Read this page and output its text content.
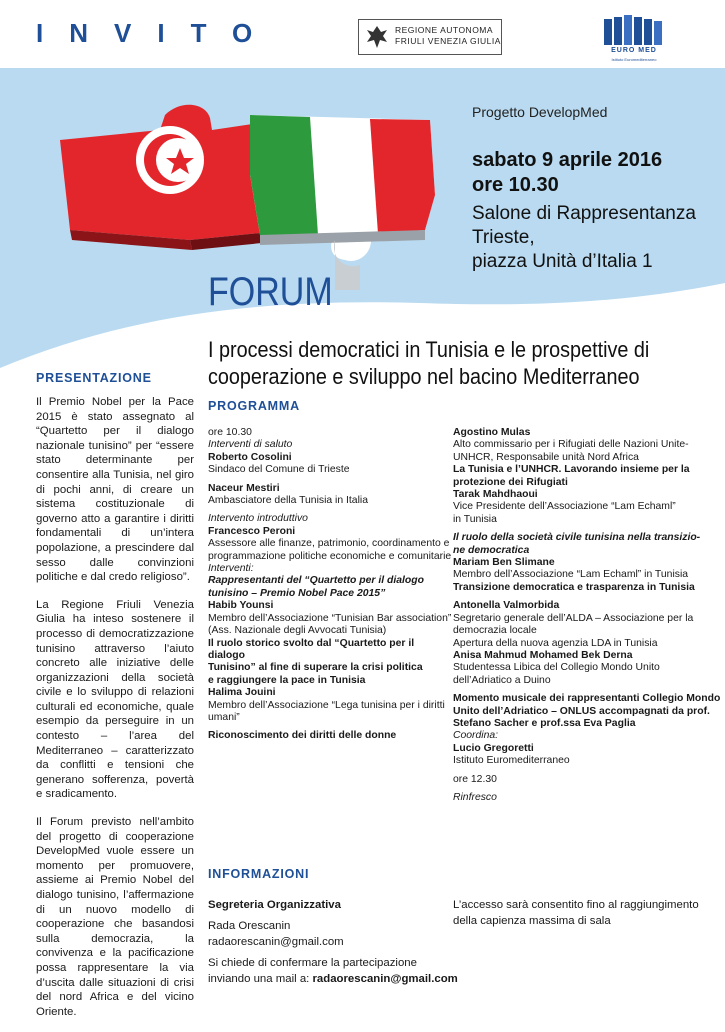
INVITO	REGIONE AUTONOMA
FRIULI VENEZIA GIULIA
EURO MED
Istituto Euromediterraneo
Progetto DevelopMed
sabato 9 aprile 2016
ore 10.30
Salone di Rappresentanza
Trieste,
piazza Unità d’Italia 1
FORUM
I processi democratici in Tunisia e le prospettive di
cooperazione e sviluppo nel bacino Mediterraneo
PRESENTAZIONE

Il Premio Nobel per la Pace 2015 è stato assegnato al “Quartetto per il dialogo nazionale tunisino” per “essere stato determinante per consentire alla Tunisia, nel giro di pochi anni, di creare un sistema costituzionale di governo atto a garantire i diritti fondamentali di un’intera popolazione, a prescindere dal sesso dalle convinzioni politiche e dal credo religioso”.

La Regione Friuli Venezia Giulia ha inteso sostenere il processo di democratizzazione tunisino attraverso l’aiuto concreto alle iniziative delle organizzazioni della società civile e lo sviluppo di relazioni culturali ed economiche, quale esempio da perseguire in un contesto – l’area del Mediterraneo – caratterizzato da conflitti e tensioni che generano sofferenza, povertà e sradicamento.

Il Forum previsto nell’ambito del progetto di cooperazione DevelopMed vuole essere un momento per promuovere, assieme ai Premio Nobel del dialogo tunisino, l’affermazione di un nuovo modello di cooperazione che basandosi sulla democrazia, la convivenza e la pacificazione possa rappresentare la via d’uscita dalle situazioni di crisi del nord Africa e del vicino Oriente.

PROGRAMMA
ore 10.30
Interventi di saluto
Roberto Cosolini
Sindaco del Comune di Trieste
Naceur Mestiri
Ambasciatore della Tunisia in Italia
Intervento introduttivo
Francesco Peroni
Assessore alle finanze, patrimonio, coordinamento e
programmazione politiche economiche e comunitarie
Interventi:
Rappresentanti del “Quartetto per il dialogo
tunisino – Premio Nobel Pace 2015”
Habib Younsi
Membro dell’Associazione “Tunisian Bar association”
(Ass. Nazionale degli Avvocati Tunisia)
Il ruolo storico svolto dal “Quartetto per il dialogo
Tunisino” al fine di superare la crisi politica
e raggiungere la pace in Tunisia
Halima Jouini
Membro dell’Associazione “Lega tunisina per i diritti
umani”
Riconoscimento dei diritti delle donne
Agostino Mulas
Alto commissario per i Rifugiati delle Nazioni Unite-
UNHCR, Responsabile unità Nord Africa
La Tunisia e l’UNHCR. Lavorando insieme per la
protezione dei Rifugiati
Tarak Mahdhaoui
Vice Presidente dell’Associazione “Lam Echaml”
in Tunisia
Il ruolo della società civile tunisina nella transizio-
ne democratica
Mariam Ben Slimane
Membro dell’Associazione “Lam Echaml” in Tunisia
Transizione democratica e trasparenza in Tunisia
Antonella Valmorbida
Segretario generale dell’ALDA – Associazione per la
democrazia locale
Apertura della nuova agenzia LDA in Tunisia
Anisa Mahmud Mohamed Bek Derna
Studentessa Libica del Collegio Mondo Unito
dell’Adriatico a Duino
Momento musicale dei rappresentanti Collegio Mondo
Unito dell’Adriatico – ONLUS accompagnati da prof.
Stefano Sacher e prof.ssa Eva Paglia
Coordina:
Lucio Gregoretti
Istituto Euromediterraneo
ore 12.30
Rinfresco
INFORMAZIONI
Segreteria Organizzativa
Rada Orescanin
radaorescanin@gmail.com
Si chiede di confermare la partecipazione
inviando una mail a: radaorescanin@gmail.com
L’accesso sarà consentito fino al raggiungimento
della capienza massima di sala
